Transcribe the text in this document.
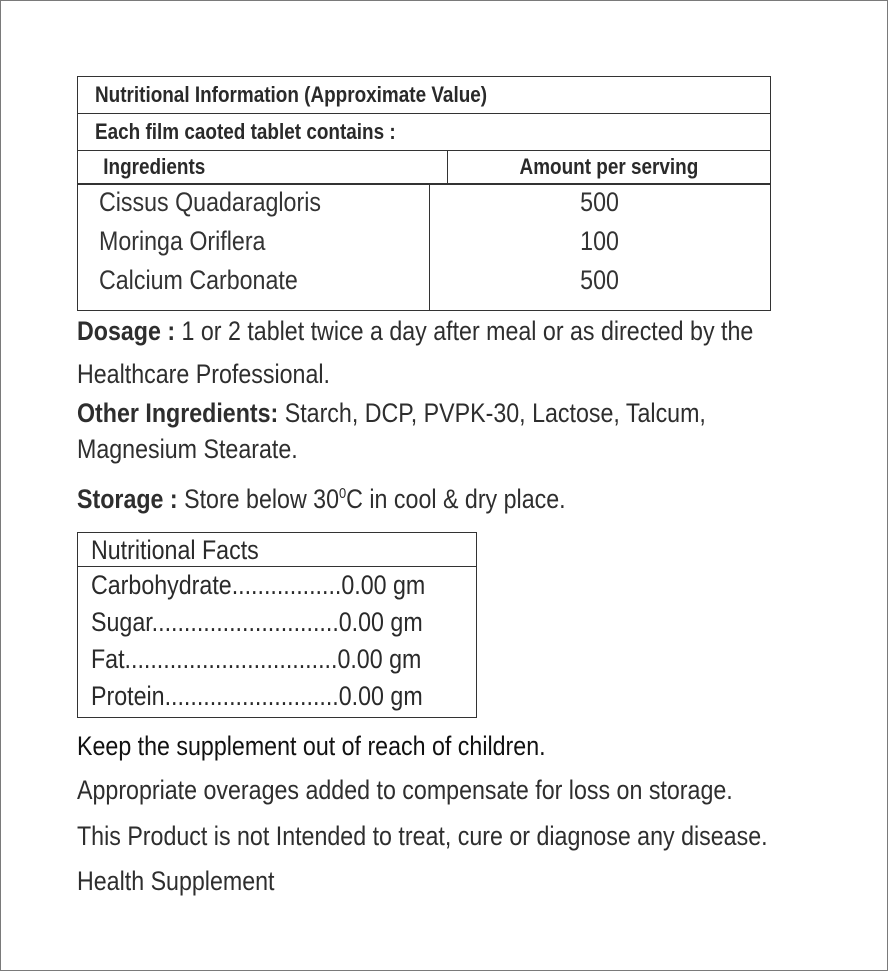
Nutritional Information (Approximate Value)
Each film caoted tablet contains :
Ingredients	Amount per serving
Cissus Quadaragloris
Moringa Oriflera
Calcium Carbonate
500
100
500
Dosage : 1 or 2 tablet twice a day after meal or as directed by the
Healthcare Professional.
Other Ingredients: Starch, DCP, PVPK-30, Lactose, Talcum,
Magnesium Stearate.
Storage : Store below $30^0C$ in cool & dry place.
Nutritional Facts
Carbohydrate.................0.00 gm
Sugar.............................0.00 gm
Fat.................................0.00 gm
Protein...........................0.00 gm
Keep the supplement out of reach of children.
Appropriate overages added to compensate for loss on storage.
This Product is not Intended to treat, cure or diagnose any disease.
Health Supplement
